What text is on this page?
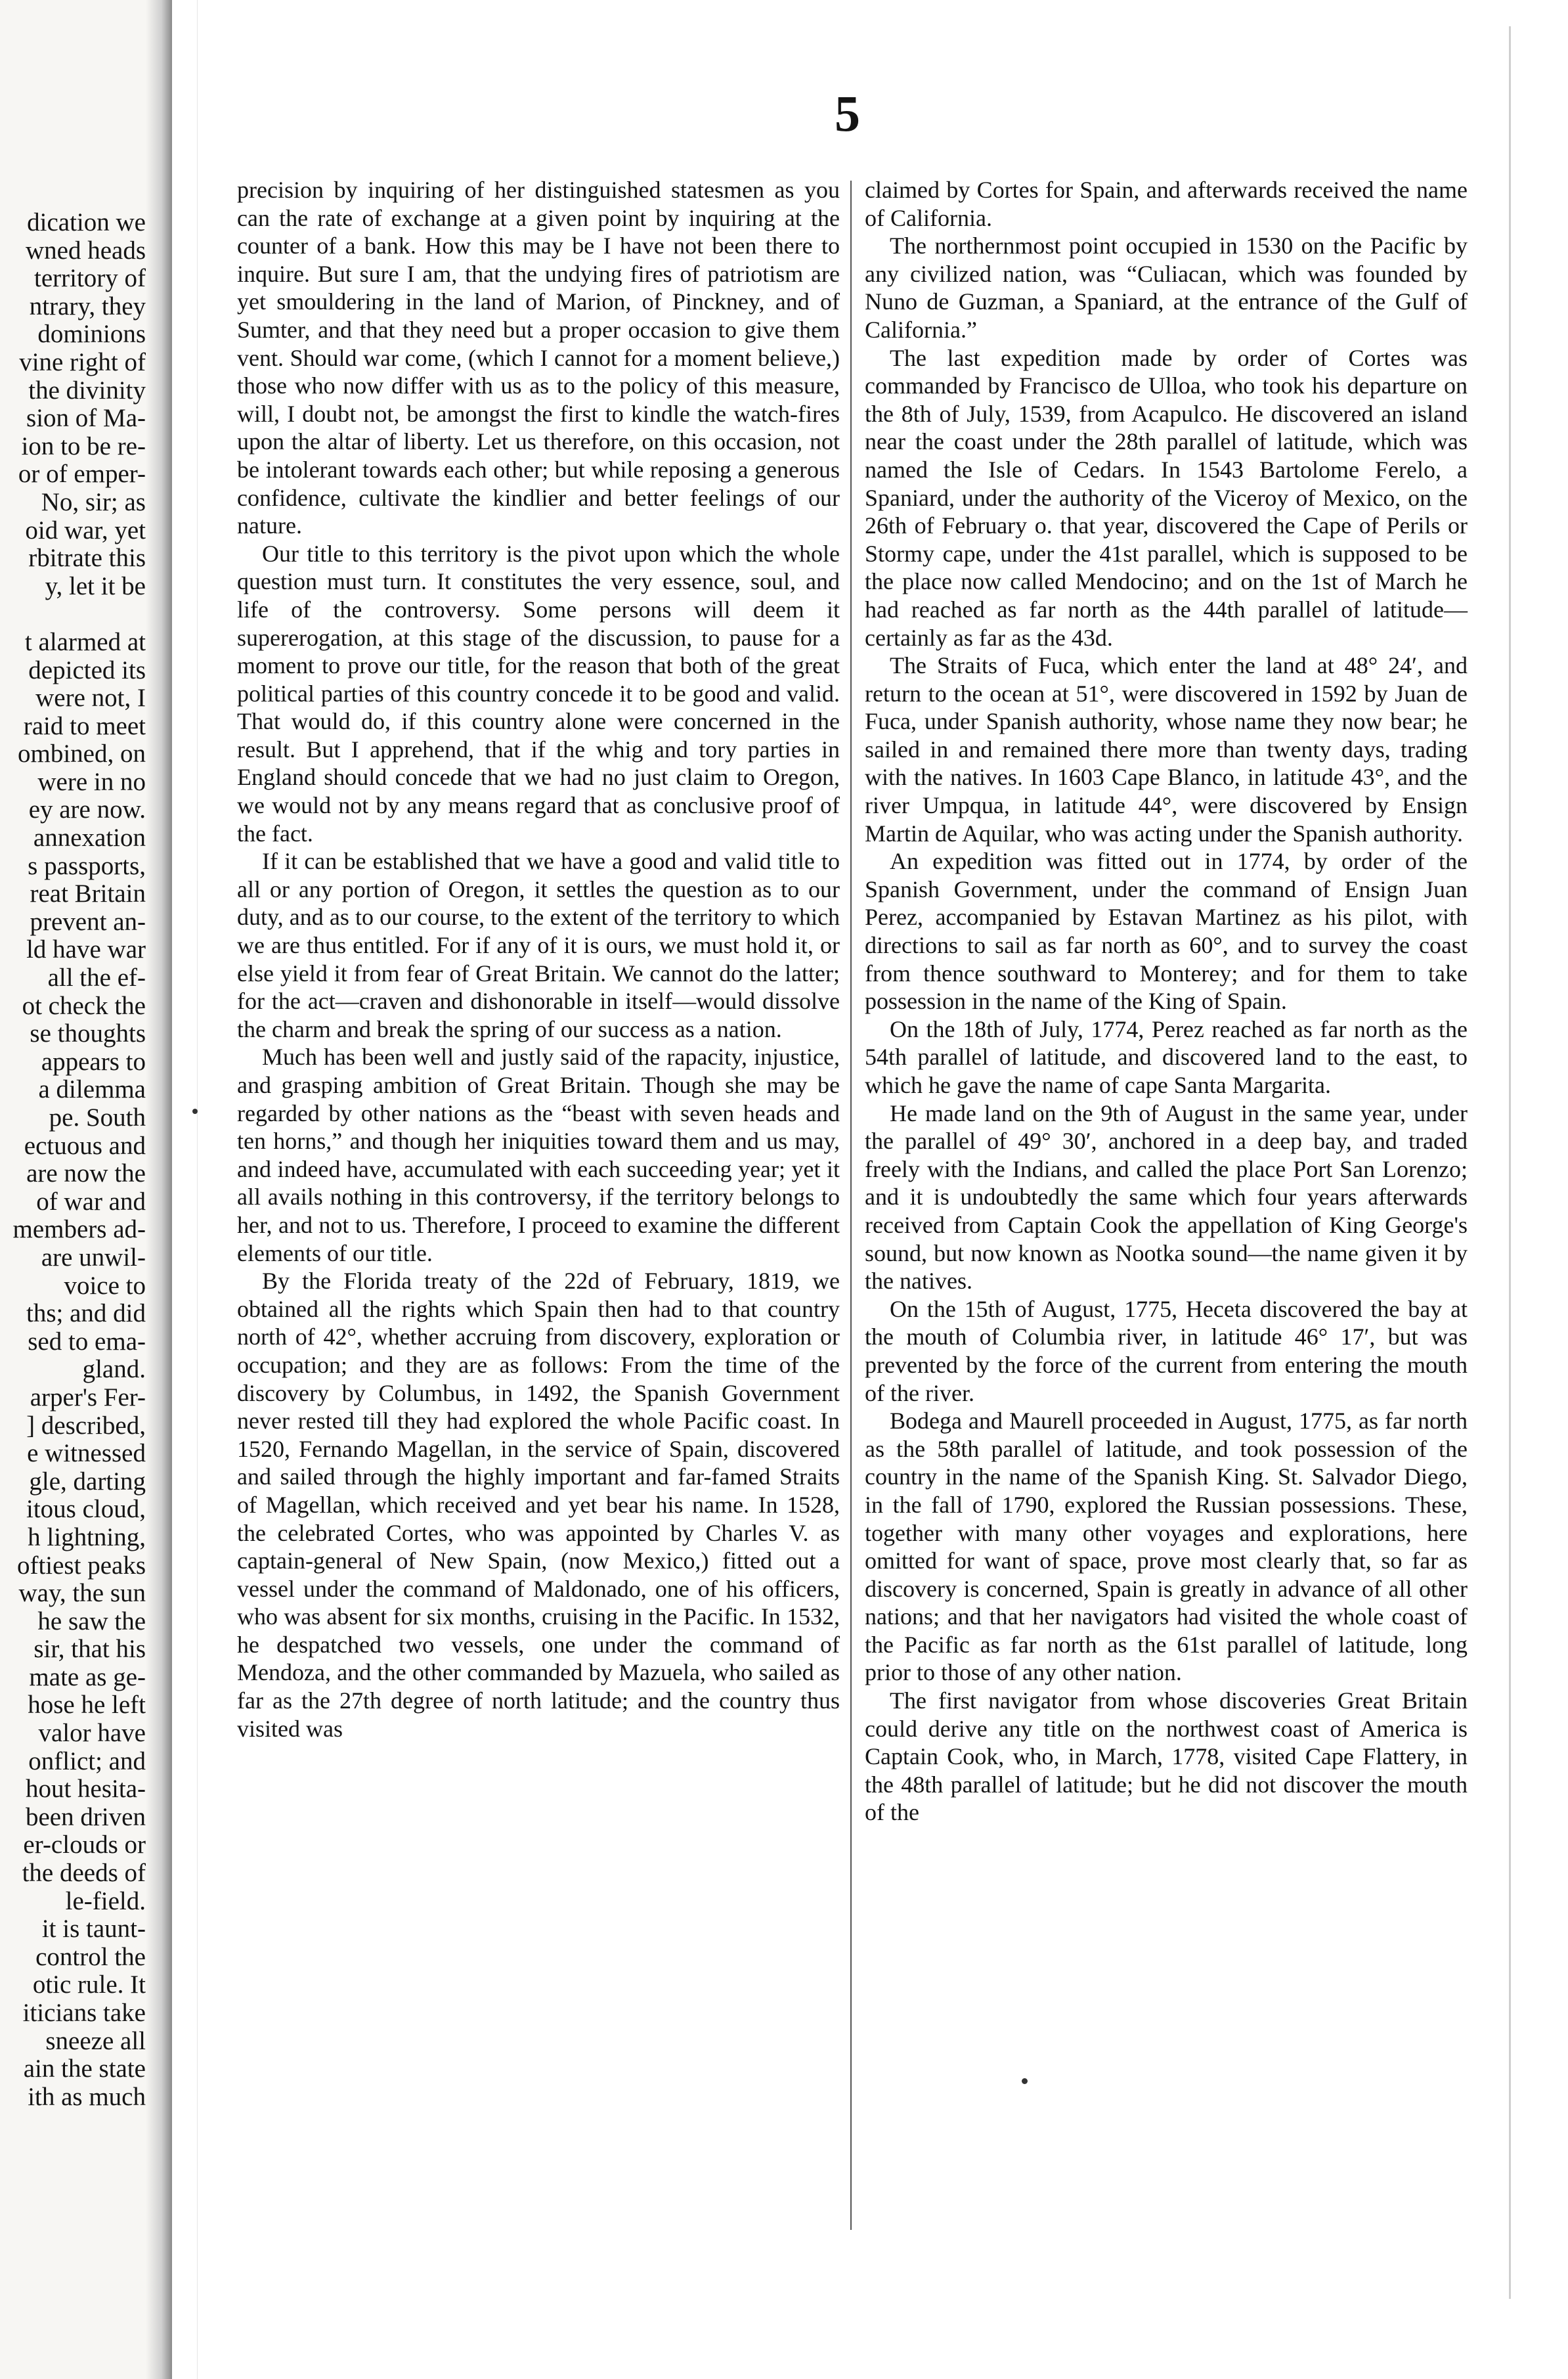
dication we
wned heads
territory of
ntrary, they
dominions
vine right of
the divinity
sion of Ma-
ion to be re-
or of emper-
No, sir; as
oid war, yet
rbitrate this
y, let it be
t alarmed at
depicted its
were not, I
raid to meet
ombined, on
were in no
ey are now.
annexation
s passports,
reat Britain
prevent an-
ld have war
all the ef-
ot check the
se thoughts
appears to
a dilemma
pe. South
ectuous and
are now the
of war and
members ad-
are unwil-
voice to
ths; and did
sed to ema-
gland.
arper's Fer-
] described,
e witnessed
gle, darting
itous cloud,
h lightning,
oftiest peaks
way, the sun
he saw the
sir, that his
mate as ge-
hose he left
valor have
onflict; and
hout hesita-
been driven
er-clouds or
the deeds of
le-field.
it is taunt-
control the
otic rule. It
iticians take
sneeze all
ain the state
ith as much
5

precision by inquiring of her distinguished statesmen as you can the rate of exchange at a given point by inquiring at the counter of a bank. How this may be I have not been there to inquire. But sure I am, that the undying fires of patriotism are yet smouldering in the land of Marion, of Pinckney, and of Sumter, and that they need but a proper occasion to give them vent. Should war come, (which I cannot for a moment believe,) those who now differ with us as to the policy of this measure, will, I doubt not, be amongst the first to kindle the watch-fires upon the altar of liberty. Let us therefore, on this occasion, not be intolerant towards each other; but while reposing a generous confidence, cultivate the kindlier and better feelings of our nature.

Our title to this territory is the pivot upon which the whole question must turn. It constitutes the very essence, soul, and life of the controversy. Some persons will deem it supererogation, at this stage of the discussion, to pause for a moment to prove our title, for the reason that both of the great political parties of this country concede it to be good and valid. That would do, if this country alone were concerned in the result. But I apprehend, that if the whig and tory parties in England should concede that we had no just claim to Oregon, we would not by any means regard that as conclusive proof of the fact.

If it can be established that we have a good and valid title to all or any portion of Oregon, it settles the question as to our duty, and as to our course, to the extent of the territory to which we are thus entitled. For if any of it is ours, we must hold it, or else yield it from fear of Great Britain. We cannot do the latter; for the act—craven and dishonorable in itself—would dissolve the charm and break the spring of our success as a nation.

Much has been well and justly said of the rapacity, injustice, and grasping ambition of Great Britain. Though she may be regarded by other nations as the “beast with seven heads and ten horns,” and though her iniquities toward them and us may, and indeed have, accumulated with each succeeding year; yet it all avails nothing in this controversy, if the territory belongs to her, and not to us. Therefore, I proceed to examine the different elements of our title.

By the Florida treaty of the 22d of February, 1819, we obtained all the rights which Spain then had to that country north of 42°, whether accruing from discovery, exploration or occupation; and they are as follows: From the time of the discovery by Columbus, in 1492, the Spanish Government never rested till they had explored the whole Pacific coast. In 1520, Fernando Magellan, in the service of Spain, discovered and sailed through the highly important and far-famed Straits of Magellan, which received and yet bear his name. In 1528, the celebrated Cortes, who was appointed by Charles V. as captain-general of New Spain, (now Mexico,) fitted out a vessel under the command of Maldonado, one of his officers, who was absent for six months, cruising in the Pacific. In 1532, he despatched two vessels, one under the command of Mendoza, and the other commanded by Mazuela, who sailed as far as the 27th degree of north latitude; and the country thus visited was

claimed by Cortes for Spain, and afterwards received the name of California.

The northernmost point occupied in 1530 on the Pacific by any civilized nation, was “Culiacan, which was founded by Nuno de Guzman, a Spaniard, at the entrance of the Gulf of California.”

The last expedition made by order of Cortes was commanded by Francisco de Ulloa, who took his departure on the 8th of July, 1539, from Acapulco. He discovered an island near the coast under the 28th parallel of latitude, which was named the Isle of Cedars. In 1543 Bartolome Ferelo, a Spaniard, under the authority of the Viceroy of Mexico, on the 26th of February o. that year, discovered the Cape of Perils or Stormy cape, under the 41st parallel, which is supposed to be the place now called Mendocino; and on the 1st of March he had reached as far north as the 44th parallel of latitude—certainly as far as the 43d.

The Straits of Fuca, which enter the land at 48° 24′, and return to the ocean at 51°, were discovered in 1592 by Juan de Fuca, under Spanish authority, whose name they now bear; he sailed in and remained there more than twenty days, trading with the natives. In 1603 Cape Blanco, in latitude 43°, and the river Umpqua, in latitude 44°, were discovered by Ensign Martin de Aquilar, who was acting under the Spanish authority.

An expedition was fitted out in 1774, by order of the Spanish Government, under the command of Ensign Juan Perez, accompanied by Estavan Martinez as his pilot, with directions to sail as far north as 60°, and to survey the coast from thence southward to Monterey; and for them to take possession in the name of the King of Spain.

On the 18th of July, 1774, Perez reached as far north as the 54th parallel of latitude, and discovered land to the east, to which he gave the name of cape Santa Margarita.

He made land on the 9th of August in the same year, under the parallel of 49° 30′, anchored in a deep bay, and traded freely with the Indians, and called the place Port San Lorenzo; and it is undoubtedly the same which four years afterwards received from Captain Cook the appellation of King George's sound, but now known as Nootka sound—the name given it by the natives.

On the 15th of August, 1775, Heceta discovered the bay at the mouth of Columbia river, in latitude 46° 17′, but was prevented by the force of the current from entering the mouth of the river.

Bodega and Maurell proceeded in August, 1775, as far north as the 58th parallel of latitude, and took possession of the country in the name of the Spanish King. St. Salvador Diego, in the fall of 1790, explored the Russian possessions. These, together with many other voyages and explorations, here omitted for want of space, prove most clearly that, so far as discovery is concerned, Spain is greatly in advance of all other nations; and that her navigators had visited the whole coast of the Pacific as far north as the 61st parallel of latitude, long prior to those of any other nation.

The first navigator from whose discoveries Great Britain could derive any title on the northwest coast of America is Captain Cook, who, in March, 1778, visited Cape Flattery, in the 48th parallel of latitude; but he did not discover the mouth of the
